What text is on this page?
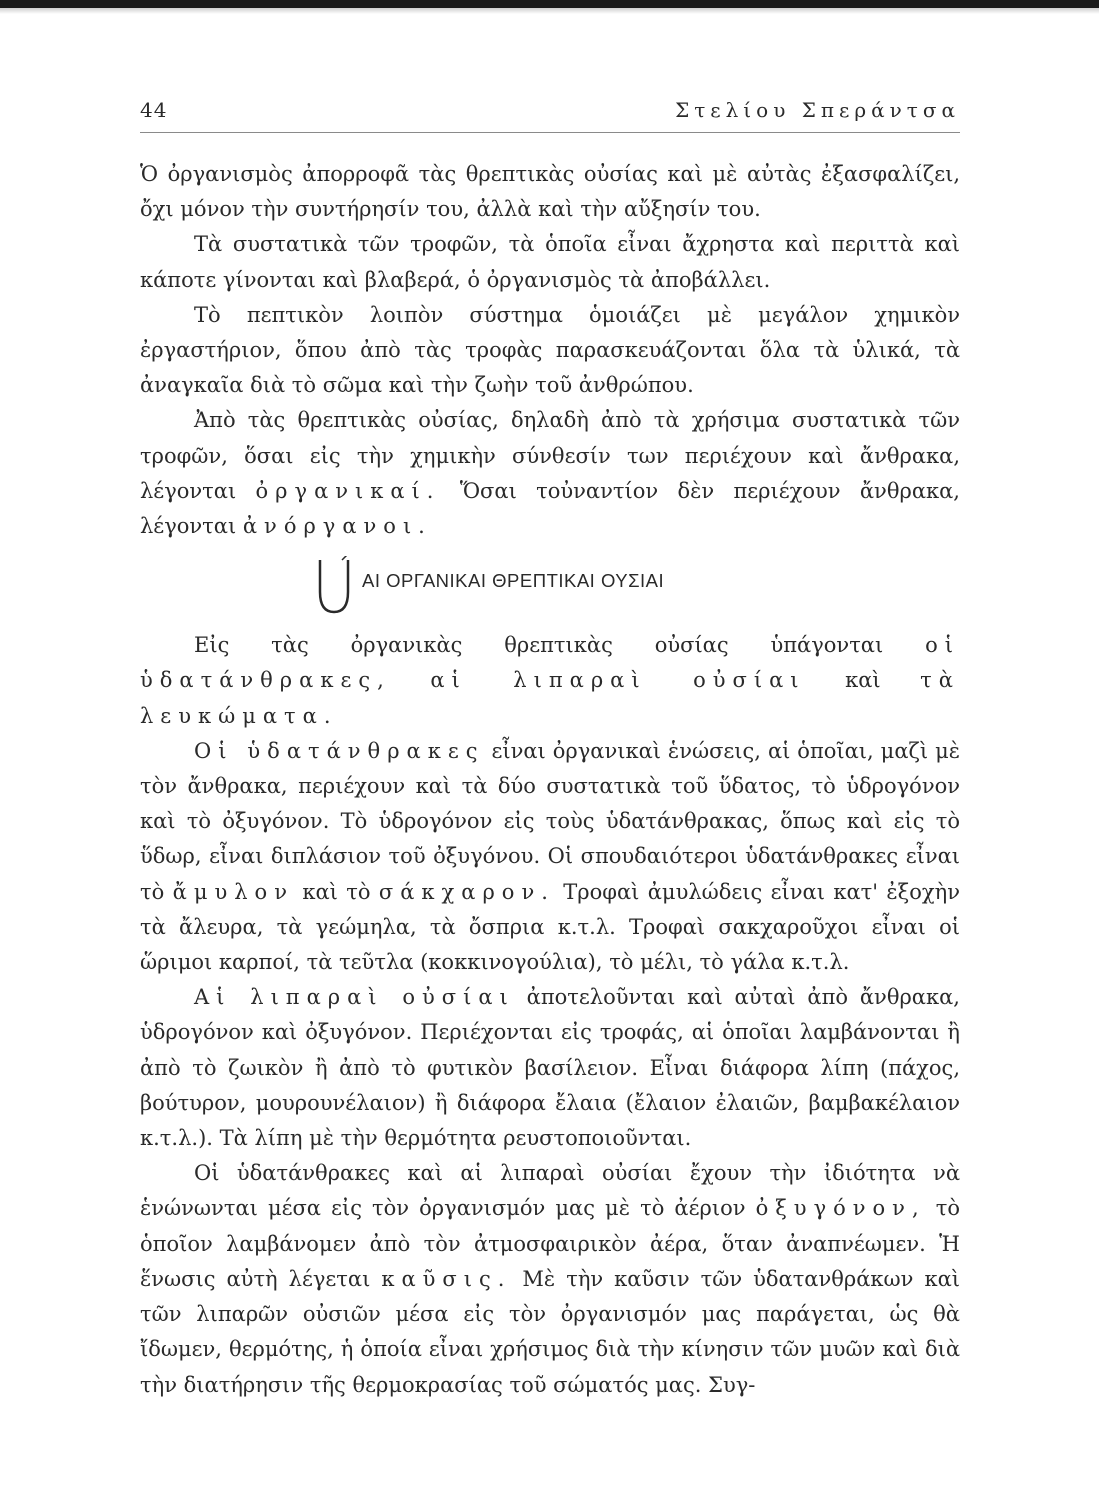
44	Στελίου Σπεράντσα

Ὁ ὀργανισμὸς ἀπορροφᾶ τὰς θρεπτικὰς οὐσίας καὶ μὲ αὐτὰς ἐξασφαλίζει, ὄχι μόνον τὴν συντήρησίν του, ἀλλὰ καὶ τὴν αὔξησίν του.

Τὰ συστατικὰ τῶν τροφῶν, τὰ ὁποῖα εἶναι ἄχρηστα καὶ περιττὰ καὶ κάποτε γίνονται καὶ βλαβερά, ὁ ὀργανισμὸς τὰ ἀποβάλλει.

Τὸ πεπτικὸν λοιπὸν σύστημα ὁμοιάζει μὲ μεγάλον χημικὸν ἐργαστήριον, ὅπου ἀπὸ τὰς τροφὰς παρασκευάζονται ὅλα τὰ ὑλικά, τὰ ἀναγκαῖα διὰ τὸ σῶμα καὶ τὴν ζωὴν τοῦ ἀνθρώπου.

Ἀπὸ τὰς θρεπτικὰς οὐσίας, δηλαδὴ ἀπὸ τὰ χρήσιμα συστατικὰ τῶν τροφῶν, ὅσαι εἰς τὴν χημικὴν σύνθεσίν των περιέχουν καὶ ἄνθρακα, λέγονται ὀργανικαί. Ὅσαι τοὐναντίον δὲν περιέχουν ἄνθρακα, λέγονται ἀνόργανοι.

ΑΙ ΟΡΓΑΝΙΚΑΙ ΘΡΕΠΤΙΚΑΙ ΟΥΣΙΑΙ

Εἰς τὰς ὀργανικὰς θρεπτικὰς οὐσίας ὑπάγονται οἱ ὑδατάνθρακες, αἱ λιπαραὶ οὐσίαι καὶ τὰ λευκώματα.

Οἱ ὑδατάνθρακες εἶναι ὀργανικαὶ ἑνώσεις, αἱ ὁποῖαι, μαζὶ μὲ τὸν ἄνθρακα, περιέχουν καὶ τὰ δύο συστατικὰ τοῦ ὕδατος, τὸ ὑδρογόνον καὶ τὸ ὀξυγόνον. Τὸ ὑδρογόνον εἰς τοὺς ὑδατάνθρακας, ὅπως καὶ εἰς τὸ ὕδωρ, εἶναι διπλάσιον τοῦ ὀξυγόνου. Οἱ σπουδαιότεροι ὑδατάνθρακες εἶναι τὸ ἄμυλον καὶ τὸ σάκχαρον. Τροφαὶ ἀμυλώδεις εἶναι κατ' ἐξοχὴν τὰ ἄλευρα, τὰ γεώμηλα, τὰ ὄσπρια κ.τ.λ. Τροφαὶ σακχαροῦχοι εἶναι οἱ ὥριμοι καρποί, τὰ τεῦτλα (κοκκινογούλια), τὸ μέλι, τὸ γάλα κ.τ.λ.

Αἱ λιπαραὶ οὐσίαι ἀποτελοῦνται καὶ αὐταὶ ἀπὸ ἄνθρακα, ὑδρογόνον καὶ ὀξυγόνον. Περιέχονται εἰς τροφάς, αἱ ὁποῖαι λαμβάνονται ἢ ἀπὸ τὸ ζωικὸν ἢ ἀπὸ τὸ φυτικὸν βασίλειον. Εἶναι διάφορα λίπη (πάχος, βούτυρον, μουρουνέλαιον) ἢ διάφορα ἔλαια (ἔλαιον ἐλαιῶν, βαμβακέλαιον κ.τ.λ.). Τὰ λίπη μὲ τὴν θερμότητα ρευστοποιοῦνται.

Οἱ ὑδατάνθρακες καὶ αἱ λιπαραὶ οὐσίαι ἔχουν τὴν ἰδιότητα νὰ ἑνώνωνται μέσα εἰς τὸν ὀργανισμόν μας μὲ τὸ ἀέριον ὀξυγόνον, τὸ ὁποῖον λαμβάνομεν ἀπὸ τὸν ἀτμοσφαιρικὸν ἀέρα, ὅταν ἀναπνέωμεν. Ἡ ἕνωσις αὐτὴ λέγεται καῦσις. Μὲ τὴν καῦσιν τῶν ὑδατανθράκων καὶ τῶν λιπαρῶν οὐσιῶν μέσα εἰς τὸν ὀργανισμόν μας παράγεται, ὡς θὰ ἴδωμεν, θερμότης, ἡ ὁποία εἶναι χρήσιμος διὰ τὴν κίνησιν τῶν μυῶν καὶ διὰ τὴν διατήρησιν τῆς θερμοκρασίας τοῦ σώματός μας. Συγ-
